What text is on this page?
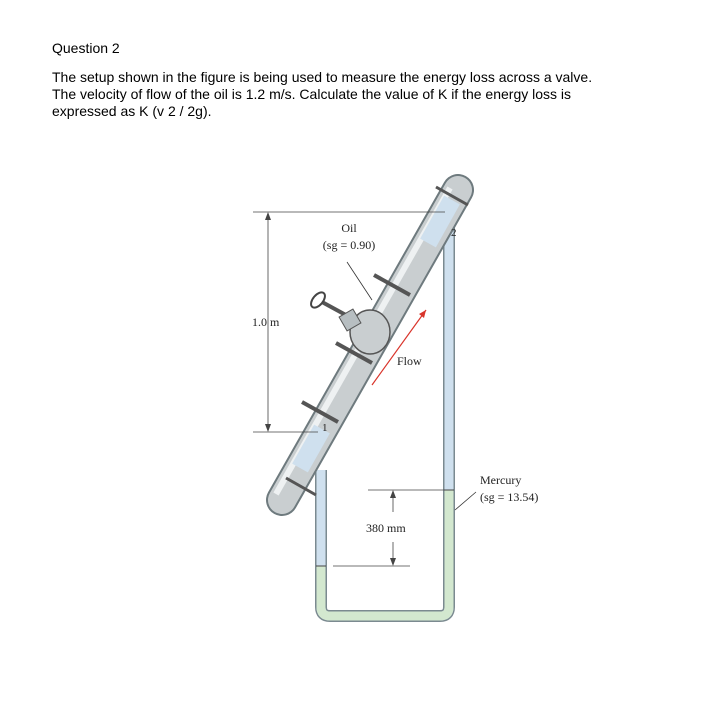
Question 2
The setup shown in the figure is being used to measure the energy loss across a valve.
The velocity of flow of the oil is 1.2 m/s. Calculate the value of K if the energy loss is
expressed as K (v 2 / 2g).
Oil
(sg = 0.90)
1.0 m
Flow
Mercury
(sg = 13.54)
380 mm
1
2
